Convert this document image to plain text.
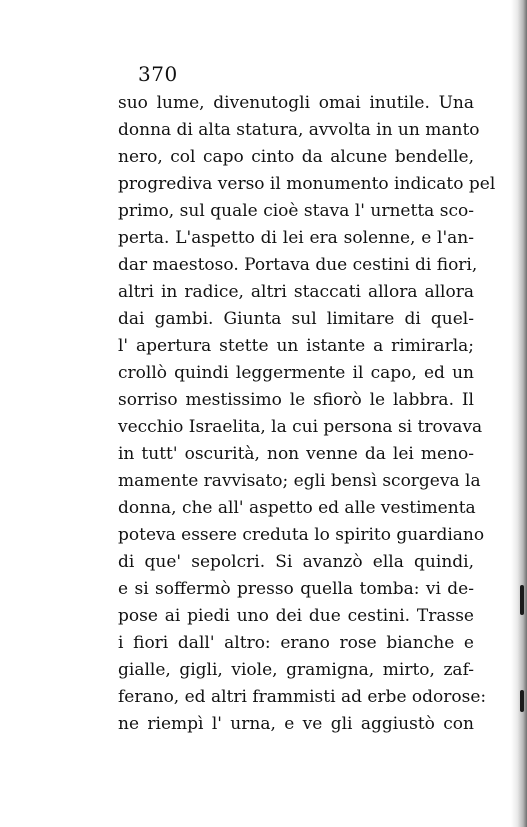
370
suo lume, divenutogli omai inutile. Una
donna di alta statura, avvolta in un manto
nero, col capo cinto da alcune bendelle,
progrediva verso il monumento indicato pel
primo, sul quale cioè stava l' urnetta sco-
perta. L'aspetto di lei era solenne, e l'an-
dar maestoso. Portava due cestini di fiori,
altri in radice, altri staccati allora allora
dai gambi. Giunta sul limitare di quel-
l' apertura stette un istante a rimirarla;
crollò quindi leggermente il capo, ed un
sorriso mestissimo le sfiorò le labbra. Il
vecchio Israelita, la cui persona si trovava
in tutt' oscurità, non venne da lei meno-
mamente ravvisato; egli bensì scorgeva la
donna, che all' aspetto ed alle vestimenta
poteva essere creduta lo spirito guardiano
di que' sepolcri. Si avanzò ella quindi,
e si soffermò presso quella tomba: vi de-
pose ai piedi uno dei due cestini. Trasse
i fiori dall' altro: erano rose bianche e
gialle, gigli, viole, gramigna, mirto, zaf-
ferano, ed altri frammisti ad erbe odorose:
ne riempì l' urna, e ve gli aggiustò con
